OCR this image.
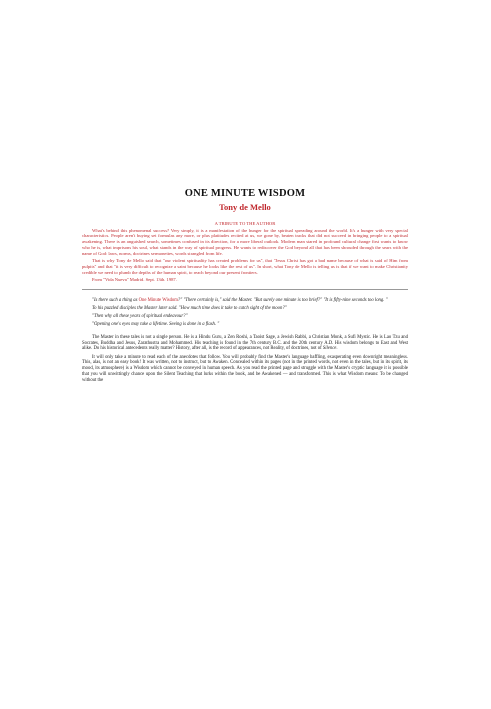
ONE MINUTE WISDOM
Tony de Mello
A TRIBUTE TO THE AUTHOR

What's behind this phenomenal success? Very simply, it is a manifestation of the hunger for the spiritual spreading around the world. It's a hunger with very special characteristics. People aren't buying set formulas any more, or plus platitudes recited at us, we gone by, beaten tracks that did not succeed in bringing people to a spiritual awakening. There is an anguished search, sometimes confused in its direction, for a more liberal outlook. Modern man stared in profound cultural change first wants to know who he is, what imprisons his soul, what stands in the way of spiritual progress. He wants to rediscover the God beyond all that has been shrouded through the sears with the name of God: laws, norms, doctrines sermonettes, words strangled from life.

That is why Tony de Mello said that "our violent spirituality has created problems for us", that "Jesus Christ has got a bad name because of what is said of Him from pulpits" and that "it is very difficult to recognize a saint because he looks like the rest of us". In short, what Tony de Mello is telling us is that if we want to make Christianity credible we need to plumb the depths of the human spirit, to reach beyond our present frontiers.

From "Vida Nueva" Madrid. Sept. 13th. 1987.

"Is there such a thing as One Minute Wisdom?" "There certainly is," said the Master. "But surely one minute is too brief?" "It is fifty-nine seconds too long. "

To his puzzled disciples the Master later said. "How much time does it take to catch sight of the moon?"

"Then why all these years of spiritual endeavour?"

"Opening one's eyes may take a lifetime. Seeing is done in a flash. "

The Master in these tales is not a single person. He is a Hindu Guru, a Zen Roshi, a Taoist Sage, a Jewish Rabbi, a Christian Monk, a Sufi Mystic. He is Lao Tzu and Socrates, Buddha and Jesus, Zarathustra and Mohammed. His teaching is found in the 7th century B.C. and the 20th century A.D. His wisdom belongs to East and West alike. Do his historical antecedents really matter? History, after all, is the record of appearances, not Reality, of doctrines, not of Silence.

It will only take a minute to read each of the anecdotes that follow. You will probably find the Master's language baffling, exasperating even downright meaningless. This, alas, is not an easy book! It was written, not to instruct, but to Awaken. Concealed within its pages (not in the printed words, not even in the tales, but in its spirit, its mood, its atmosphere) is a Wisdom which cannot be conveyed in human speech. As you read the printed page and struggle with the Master's cryptic language it is possible that you will unwittingly chance upon the Silent Teaching that lurks within the book, and be Awakened — and transformed. This is what Wisdom means: To be changed without the
